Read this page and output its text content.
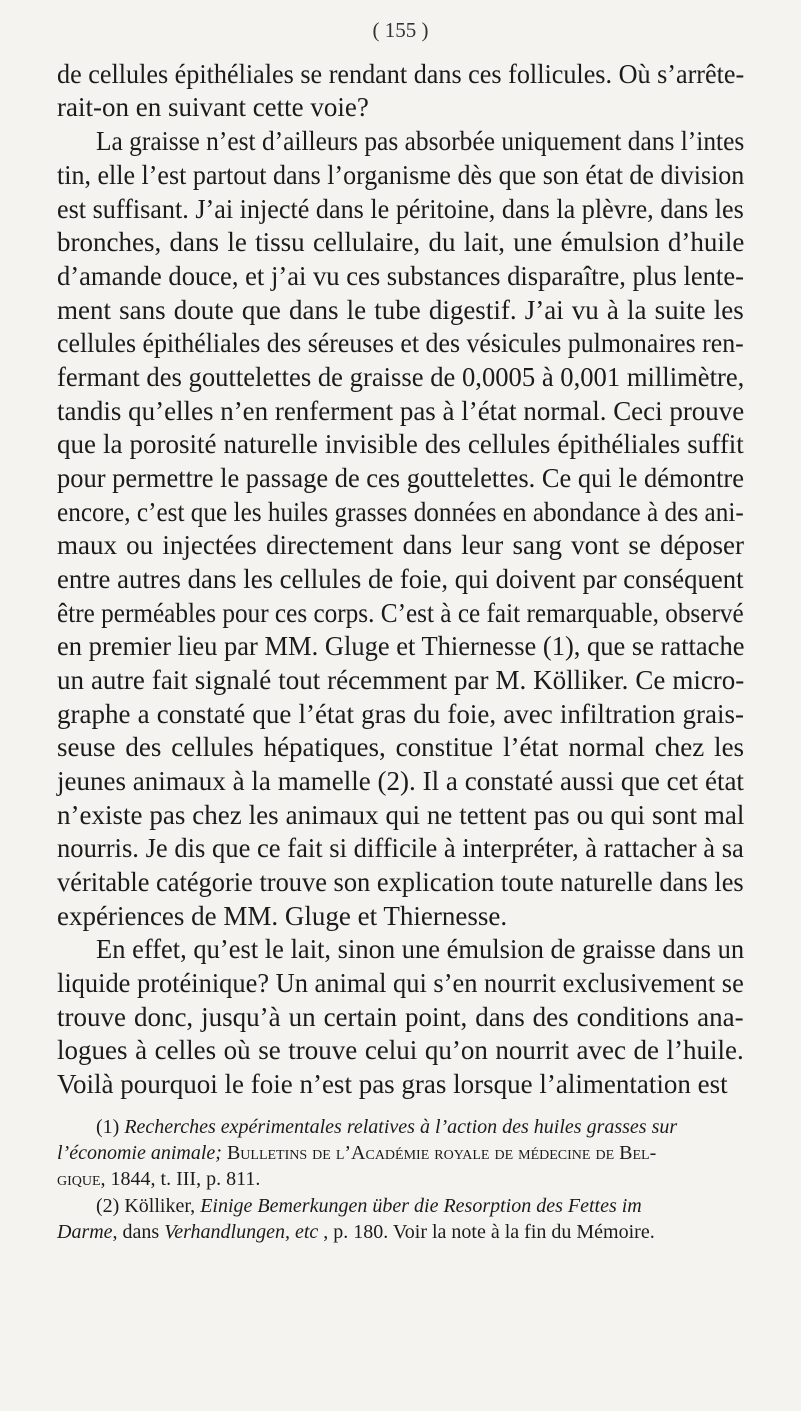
( 155 )
de cellules épithéliales se rendant dans ces follicules. Où s’arrête-
rait-on en suivant cette voie?
La graisse n’est d’ailleurs pas absorbée uniquement dans l’intes
tin, elle l’est partout dans l’organisme dès que son état de division
est suffisant. J’ai injecté dans le péritoine, dans la plèvre, dans les
bronches, dans le tissu cellulaire, du lait, une émulsion d’huile
d’amande douce, et j’ai vu ces substances disparaître, plus lente-
ment sans doute que dans le tube digestif. J’ai vu à la suite les
cellules épithéliales des séreuses et des vésicules pulmonaires ren-
fermant des gouttelettes de graisse de 0,0005 à 0,001 millimètre,
tandis qu’elles n’en renferment pas à l’état normal. Ceci prouve
que la porosité naturelle invisible des cellules épithéliales suffit
pour permettre le passage de ces gouttelettes. Ce qui le démontre
encore, c’est que les huiles grasses données en abondance à des ani-
maux ou injectées directement dans leur sang vont se déposer
entre autres dans les cellules de foie, qui doivent par conséquent
être perméables pour ces corps. C’est à ce fait remarquable, observé
en premier lieu par MM. Gluge et Thiernesse (1), que se rattache
un autre fait signalé tout récemment par M. Kölliker. Ce micro-
graphe a constaté que l’état gras du foie, avec infiltration grais-
seuse des cellules hépatiques, constitue l’état normal chez les
jeunes animaux à la mamelle (2). Il a constaté aussi que cet état
n’existe pas chez les animaux qui ne tettent pas ou qui sont mal
nourris. Je dis que ce fait si difficile à interpréter, à rattacher à sa
véritable catégorie trouve son explication toute naturelle dans les
expériences de MM. Gluge et Thiernesse.
En effet, qu’est le lait, sinon une émulsion de graisse dans un
liquide protéinique? Un animal qui s’en nourrit exclusivement se
trouve donc, jusqu’à un certain point, dans des conditions ana-
logues à celles où se trouve celui qu’on nourrit avec de l’huile.
Voilà pourquoi le foie n’est pas gras lorsque l’alimentation est
(1) Recherches expérimentales relatives à l’action des huiles grasses sur
l’économie animale; Bulletins de l’Académie royale de médecine de Bel-
gique, 1844, t. III, p. 811.
(2) Kölliker, Einige Bemerkungen über die Resorption des Fettes im
Darme, dans Verhandlungen, etc , p. 180. Voir la note à la fin du Mémoire.
